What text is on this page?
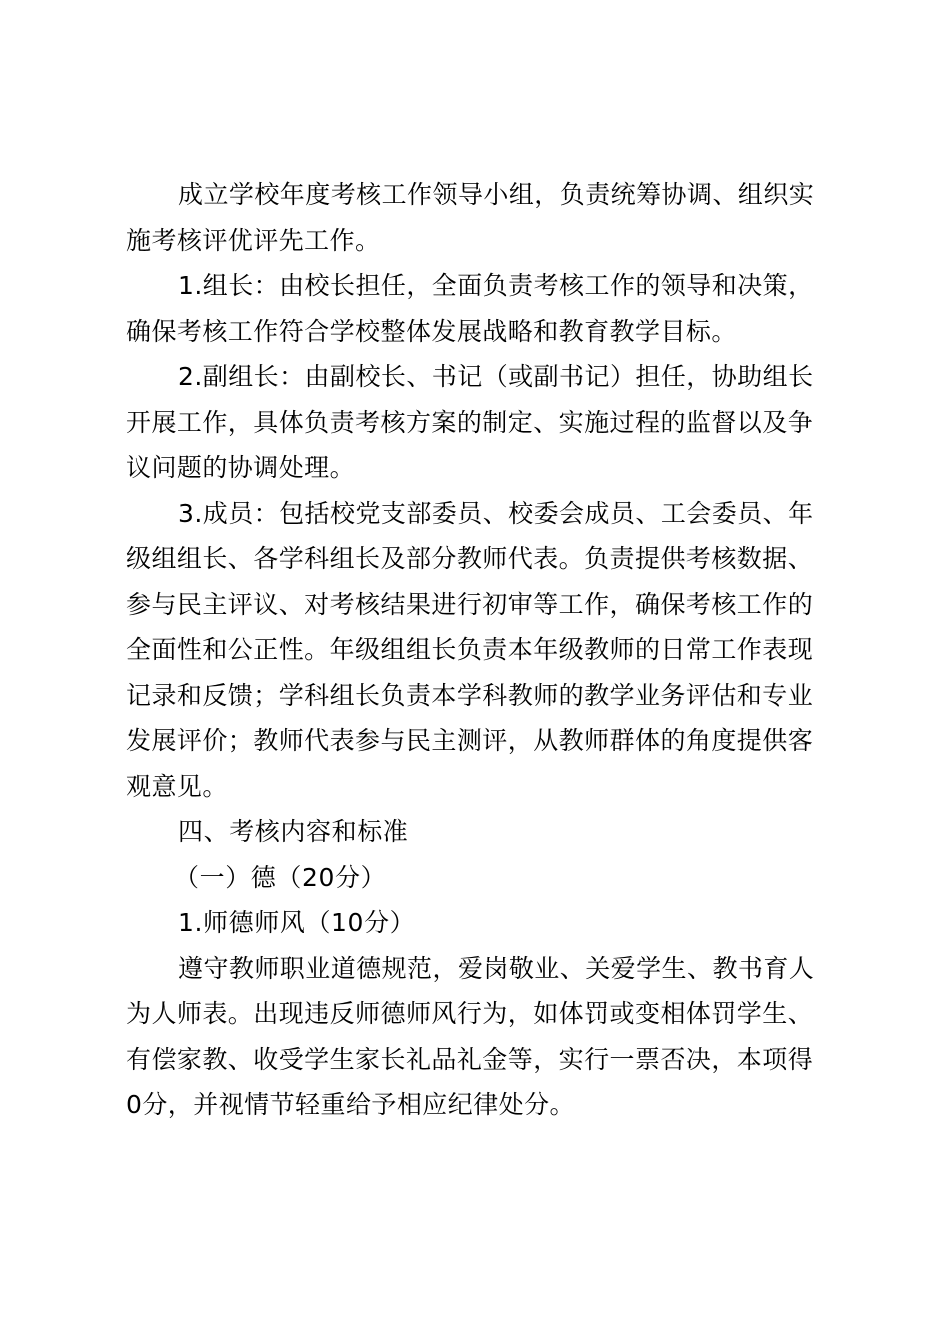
成立学校年度考核工作领导小组，负责统筹协调、组织实
施考核评优评先工作。
1.组长：由校长担任，全面负责考核工作的领导和决策，
确保考核工作符合学校整体发展战略和教育教学目标。
2.副组长：由副校长、书记（或副书记）担任，协助组长
开展工作，具体负责考核方案的制定、实施过程的监督以及争
议问题的协调处理。
3.成员：包括校党支部委员、校委会成员、工会委员、年
级组组长、各学科组长及部分教师代表。负责提供考核数据、
参与民主评议、对考核结果进行初审等工作，确保考核工作的
全面性和公正性。年级组组长负责本年级教师的日常工作表现
记录和反馈；学科组长负责本学科教师的教学业务评估和专业
发展评价；教师代表参与民主测评，从教师群体的角度提供客
观意见。
四、考核内容和标准
（一）德（20分）
1.师德师风（10分）
遵守教师职业道德规范，爱岗敬业、关爱学生、教书育人
为人师表。出现违反师德师风行为，如体罚或变相体罚学生、
有偿家教、收受学生家长礼品礼金等，实行一票否决，本项得
0分，并视情节轻重给予相应纪律处分。
